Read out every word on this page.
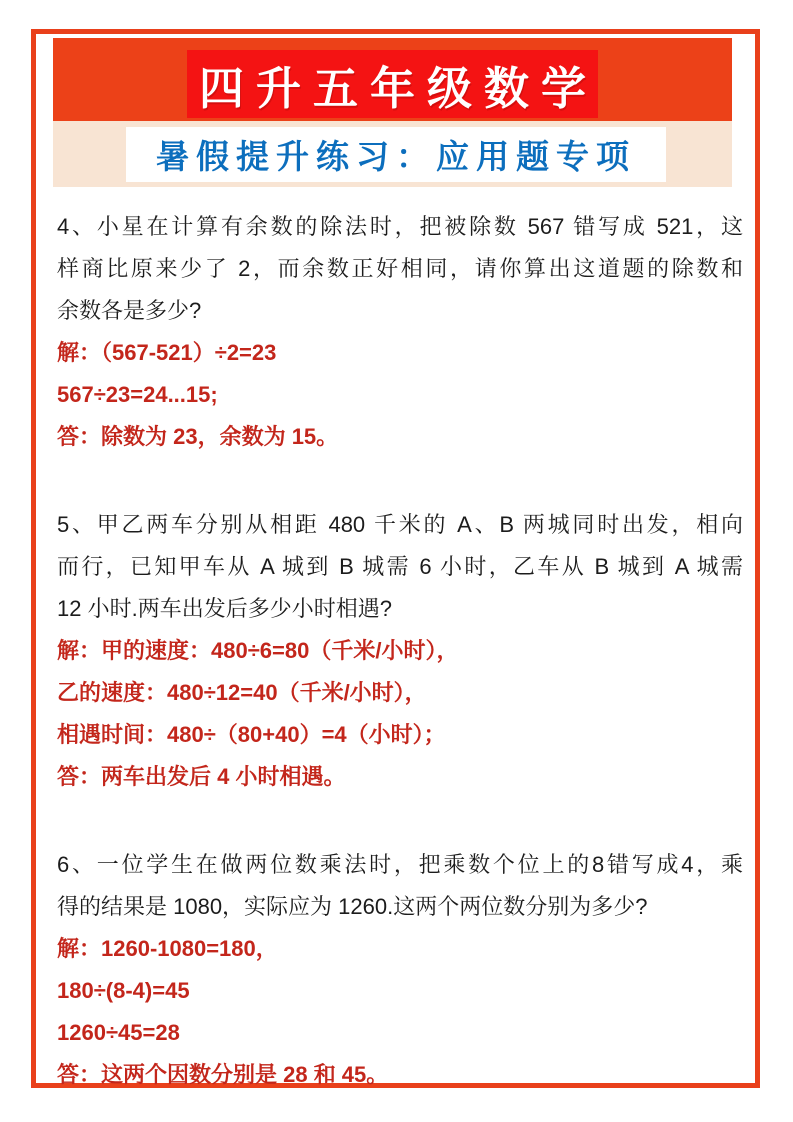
四升五年级数学
暑假提升练习：应用题专项
4、小星在计算有余数的除法时，把被除数 567 错写成 521，这
样商比原来少了 2，而余数正好相同，请你算出这道题的除数和
余数各是多少?
解：（567-521）÷2=23
567÷23=24...15;
答：除数为 23，余数为 15。
5、甲乙两车分别从相距 480 千米的 A、B 两城同时出发，相向
而行，已知甲车从 A 城到 B 城需 6 小时，乙车从 B 城到 A 城需
12 小时.两车出发后多少小时相遇?
解：甲的速度：480÷6=80（千米/小时），
乙的速度：480÷12=40（千米/小时），
相遇时间：480÷（80+40）=4（小时）；
答：两车出发后 4 小时相遇。
6、一位学生在做两位数乘法时，把乘数个位上的8错写成4，乘
得的结果是 1080，实际应为 1260.这两个两位数分别为多少?
解：1260-1080=180，
180÷(8-4)=45
1260÷45=28
答：这两个因数分别是 28 和 45。
